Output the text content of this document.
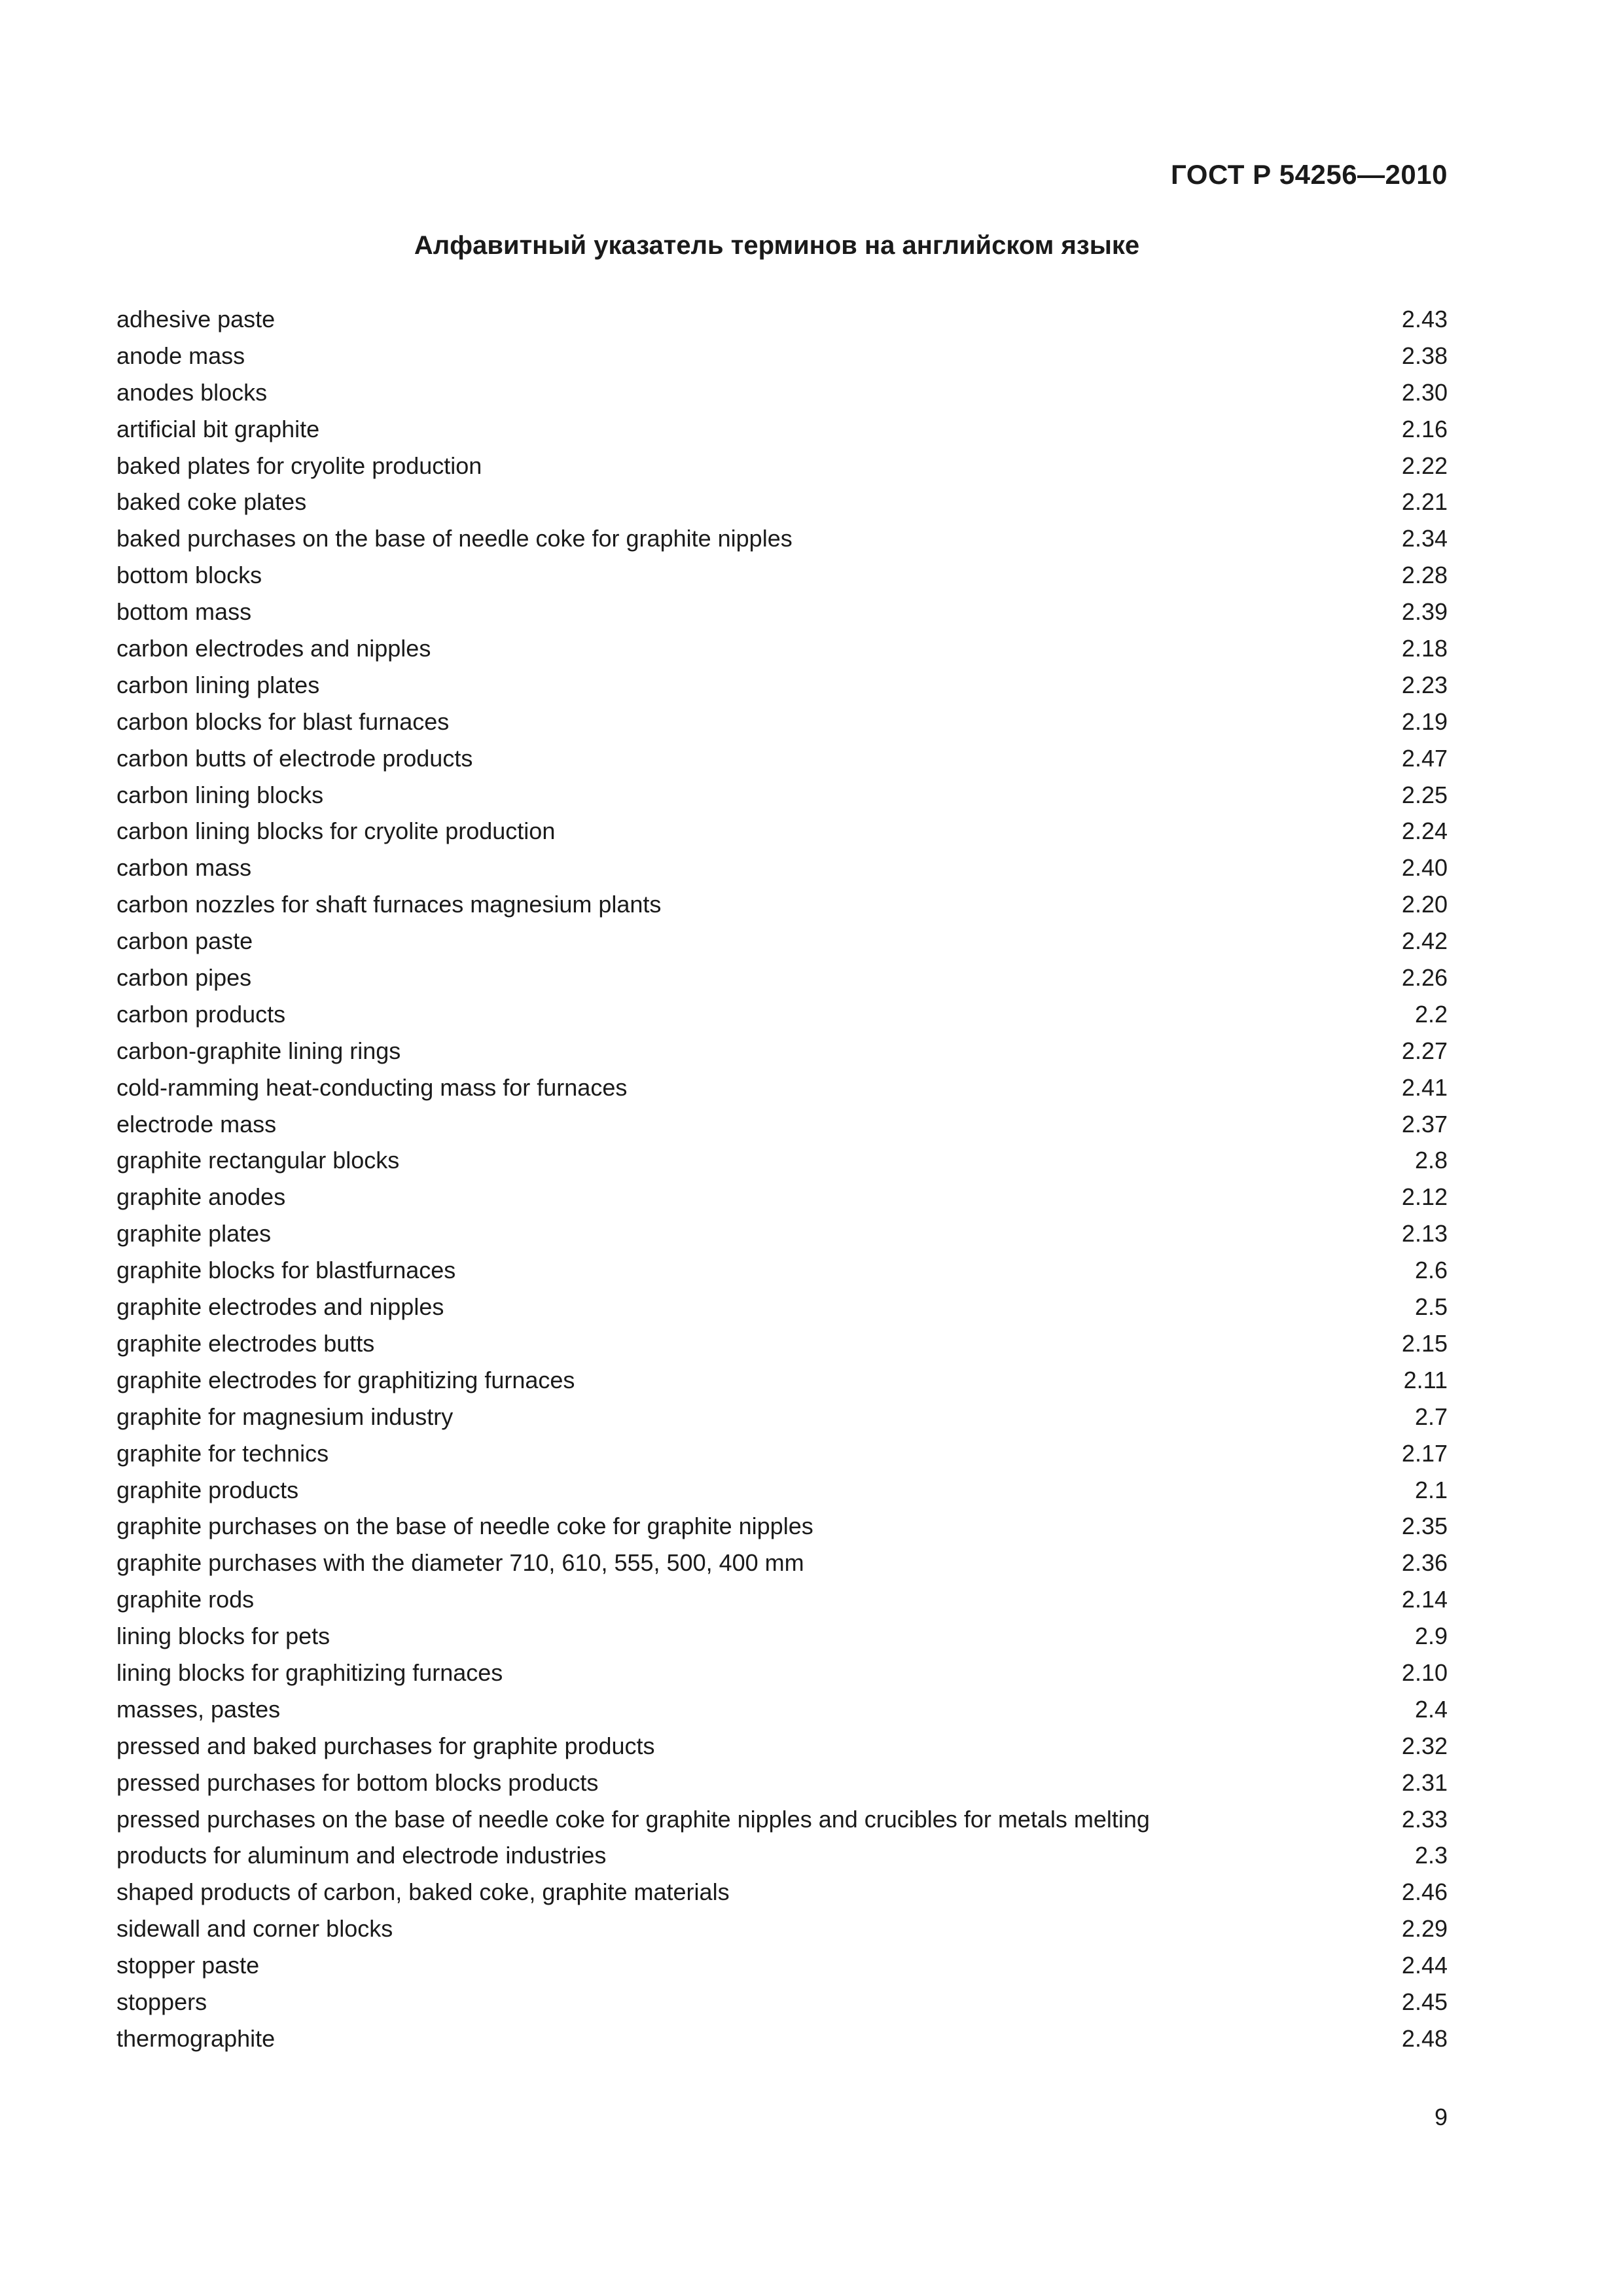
ГОСТ Р 54256—2010
Алфавитный указатель терминов на английском языке
adhesive paste	2.43
anode mass	2.38
anodes blocks	2.30
artificial bit graphite	2.16
baked plates for cryolite production	2.22
baked coke plates	2.21
baked purchases on the base of needle coke for graphite nipples	2.34
bottom blocks	2.28
bottom mass	2.39
carbon electrodes and nipples	2.18
carbon lining plates	2.23
carbon blocks for blast furnaces	2.19
carbon butts of electrode products	2.47
carbon lining blocks	2.25
carbon lining blocks for cryolite production	2.24
carbon mass	2.40
carbon nozzles for shaft furnaces magnesium plants	2.20
carbon paste	2.42
carbon pipes	2.26
carbon products	2.2
carbon-graphite lining rings	2.27
cold-ramming heat-conducting mass for furnaces	2.41
electrode mass	2.37
graphite rectangular blocks	2.8
graphite anodes	2.12
graphite plates	2.13
graphite blocks for blastfurnaces	2.6
graphite electrodes and nipples	2.5
graphite electrodes butts	2.15
graphite electrodes for graphitizing furnaces	2.11
graphite for magnesium industry	2.7
graphite for technics	2.17
graphite products	2.1
graphite purchases on the base of needle coke for graphite nipples	2.35
graphite purchases with the diameter 710, 610, 555, 500, 400 mm	2.36
graphite rods	2.14
lining blocks for pets	2.9
lining blocks for graphitizing furnaces	2.10
masses, pastes	2.4
pressed and baked purchases for graphite products	2.32
pressed purchases for bottom blocks products	2.31
pressed purchases on the base of needle coke for graphite nipples and crucibles for metals melting	2.33
products for aluminum and electrode industries	2.3
shaped products of carbon, baked coke, graphite materials	2.46
sidewall and corner blocks	2.29
stopper paste	2.44
stoppers	2.45
thermographite	2.48
9
